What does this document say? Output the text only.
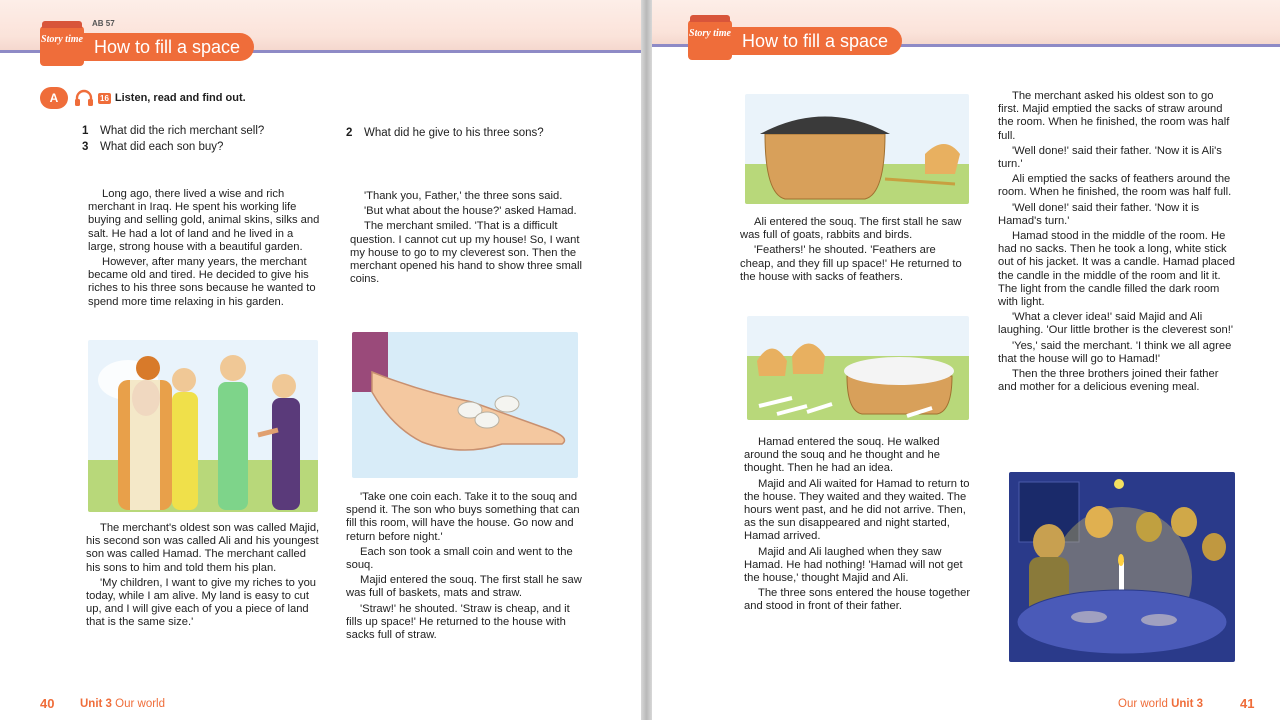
AB 57
Story time How to fill a space
A	16 Listen, read and find out.
1	What did the rich merchant sell?	2	What did he give to his three sons?
3	What did each son buy?

Long ago, there lived a wise and rich merchant in Iraq. He spent his working life buying and selling gold, animal skins, silks and salt. He had a lot of land and he lived in a large, strong house with a beautiful garden.

However, after many years, the merchant became old and tired. He decided to give his riches to his three sons because he wanted to spend more time relaxing in his garden.

The merchant's oldest son was called Majid, his second son was called Ali and his youngest son was called Hamad. The merchant called his sons to him and told them his plan.

'My children, I want to give my riches to you today, while I am alive. My land is easy to cut up, and I will give each of you a piece of land that is the same size.'

'Thank you, Father,' the three sons said.

'But what about the house?' asked Hamad.

The merchant smiled. 'That is a difficult question. I cannot cut up my house! So, I want my house to go to my cleverest son. Then the merchant opened his hand to show three small coins.

'Take one coin each. Take it to the souq and spend it. The son who buys something that can fill this room, will have the house. Go now and return before night.'

Each son took a small coin and went to the souq.

Majid entered the souq. The first stall he saw was full of baskets, mats and straw.

'Straw!' he shouted. 'Straw is cheap, and it fills up space!' He returned to the house with sacks full of straw.

40 Unit 3 Our world
Story time How to fill a space

Ali entered the souq. The first stall he saw was full of goats, rabbits and birds.

'Feathers!' he shouted. 'Feathers are cheap, and they fill up space!' He returned to the house with sacks of feathers.

Hamad entered the souq. He walked around the souq and he thought and he thought. Then he had an idea.

Majid and Ali waited for Hamad to return to the house. They waited and they waited. The hours went past, and he did not arrive. Then, as the sun disappeared and night started, Hamad arrived.

Majid and Ali laughed when they saw Hamad. He had nothing! 'Hamad will not get the house,' thought Majid and Ali.

The three sons entered the house together and stood in front of their father.

The merchant asked his oldest son to go first. Majid emptied the sacks of straw around the room. When he finished, the room was half full.

'Well done!' said their father. 'Now it is Ali's turn.'

Ali emptied the sacks of feathers around the room. When he finished, the room was half full.

'Well done!' said their father. 'Now it is Hamad's turn.'

Hamad stood in the middle of the room. He had no sacks. Then he took a long, white stick out of his jacket. It was a candle. Hamad placed the candle in the middle of the room and lit it. The light from the candle filled the dark room with light.

'What a clever idea!' said Majid and Ali laughing. 'Our little brother is the cleverest son!'

'Yes,' said the merchant. 'I think we all agree that the house will go to Hamad!'

Then the three brothers joined their father and mother for a delicious evening meal.

Our world Unit 3	41
